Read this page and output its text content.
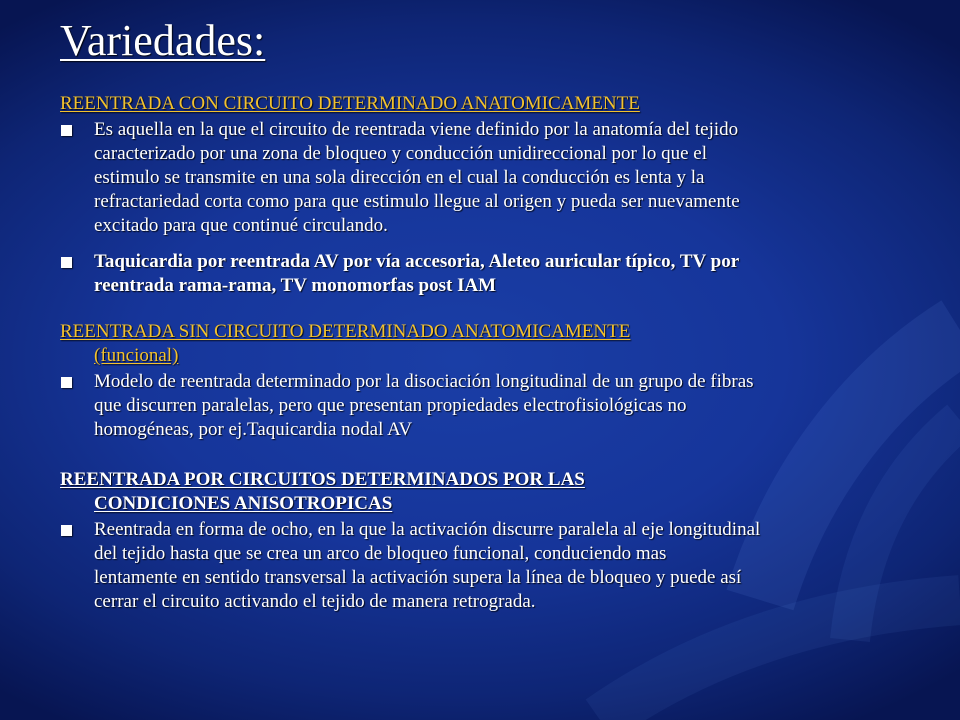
Variedades:
REENTRADA CON CIRCUITO DETERMINADO ANATOMICAMENTE
Es aquella en la que el circuito de reentrada viene definido por la anatomía del tejido
caracterizado por una zona de bloqueo y conducción unidireccional por lo que el
estimulo se transmite en una sola dirección en el cual la conducción es lenta y la
refractariedad corta como para que estimulo llegue al origen y pueda ser nuevamente
excitado para que continué circulando.
Taquicardia por reentrada AV por vía accesoria, Aleteo auricular típico, TV por
reentrada rama-rama, TV monomorfas post IAM
REENTRADA SIN CIRCUITO DETERMINADO ANATOMICAMENTE
(funcional)
Modelo de reentrada determinado por la disociación longitudinal de un grupo de fibras
que discurren paralelas, pero que presentan propiedades electrofisiológicas no
homogéneas, por ej.Taquicardia nodal AV
REENTRADA POR CIRCUITOS DETERMINADOS POR LAS
CONDICIONES ANISOTROPICAS
Reentrada en forma de ocho, en la que la activación discurre paralela al eje longitudinal
del tejido hasta que se crea un arco de bloqueo funcional, conduciendo mas
lentamente en sentido transversal la activación supera la línea de bloqueo y puede así
cerrar el circuito activando el tejido de manera retrograda.
